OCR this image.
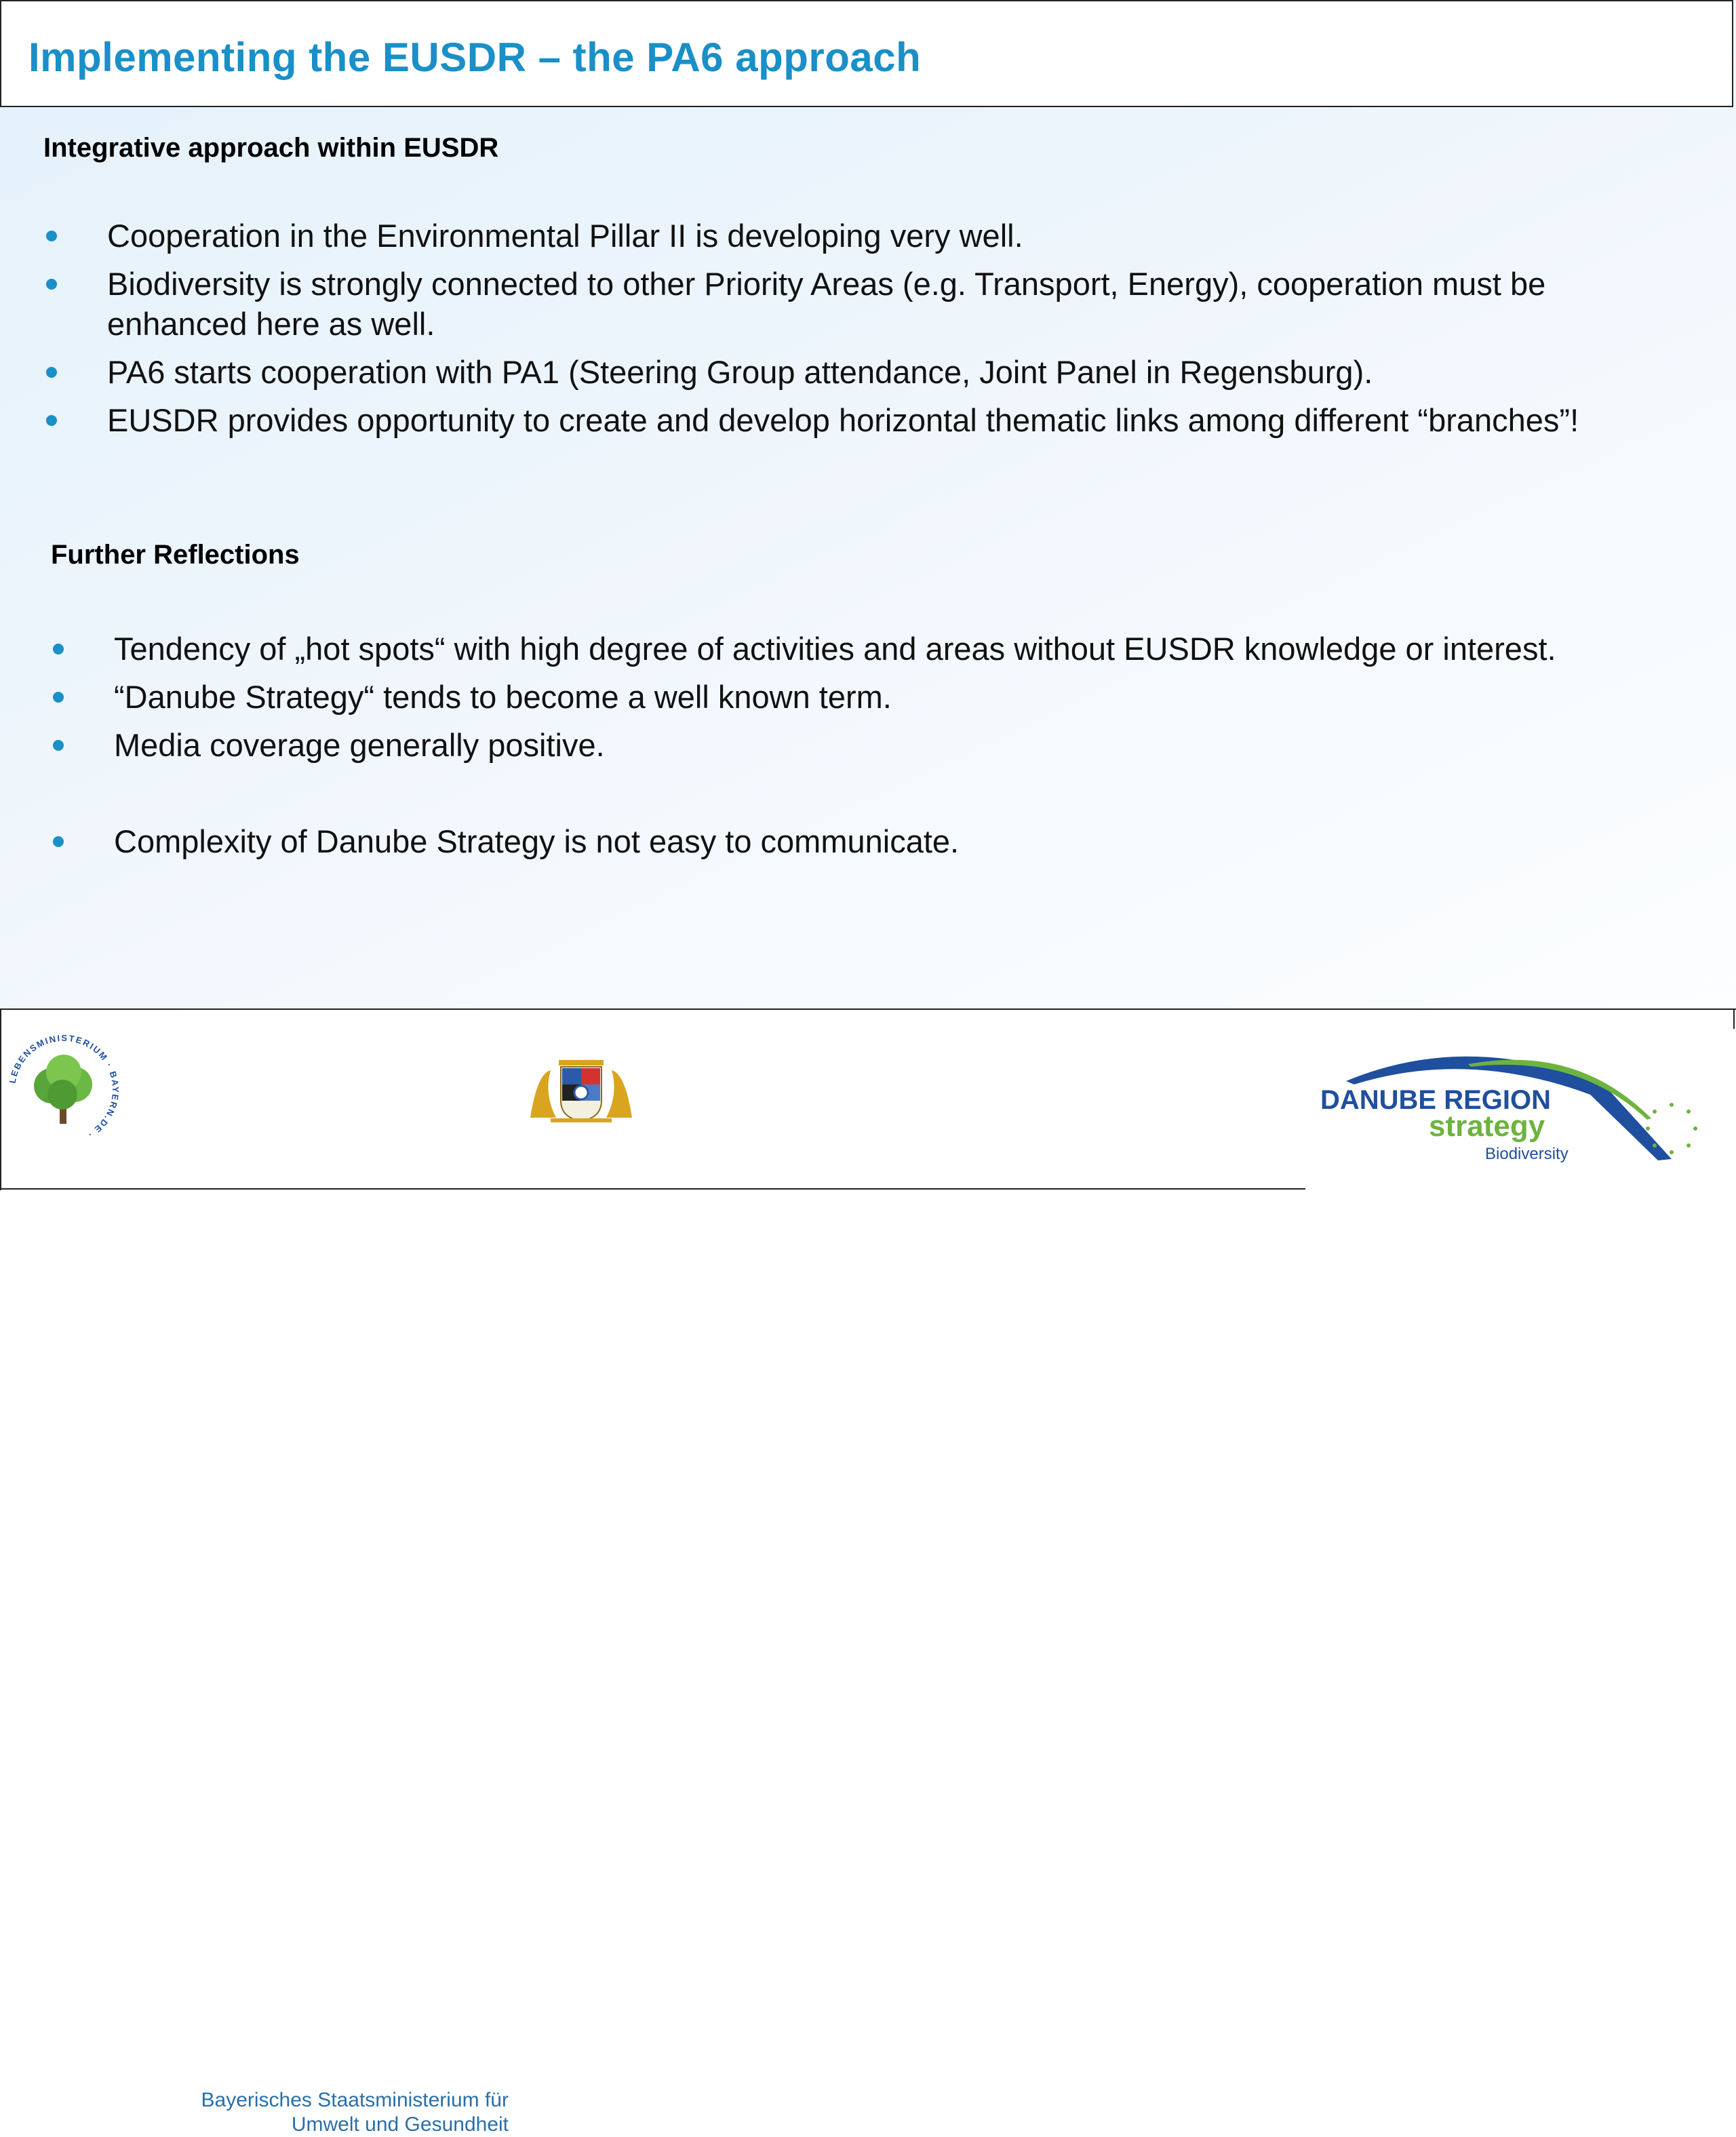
Implementing the EUSDR – the PA6 approach
Integrative approach within EUSDR
Cooperation in the Environmental Pillar II is developing very well.
Biodiversity is strongly connected to other Priority Areas (e.g. Transport, Energy), cooperation must be enhanced here as well.
PA6 starts cooperation with PA1 (Steering Group attendance, Joint Panel in Regensburg).
EUSDR provides opportunity to create and develop horizontal thematic links among different “branches”!
Further Reflections
Tendency of „hot spots“ with high degree of activities and areas without EUSDR knowledge or interest.
“Danube Strategy“ tends to become a well known term.
Media coverage generally positive.
Complexity of Danube Strategy is not easy to communicate.
LEBENSMINISTERIUM · BAYERN.DE ·
Bayerisches Staatsministerium für
Umwelt und Gesundheit
DANUBE REGION
strategy
Biodiversity
